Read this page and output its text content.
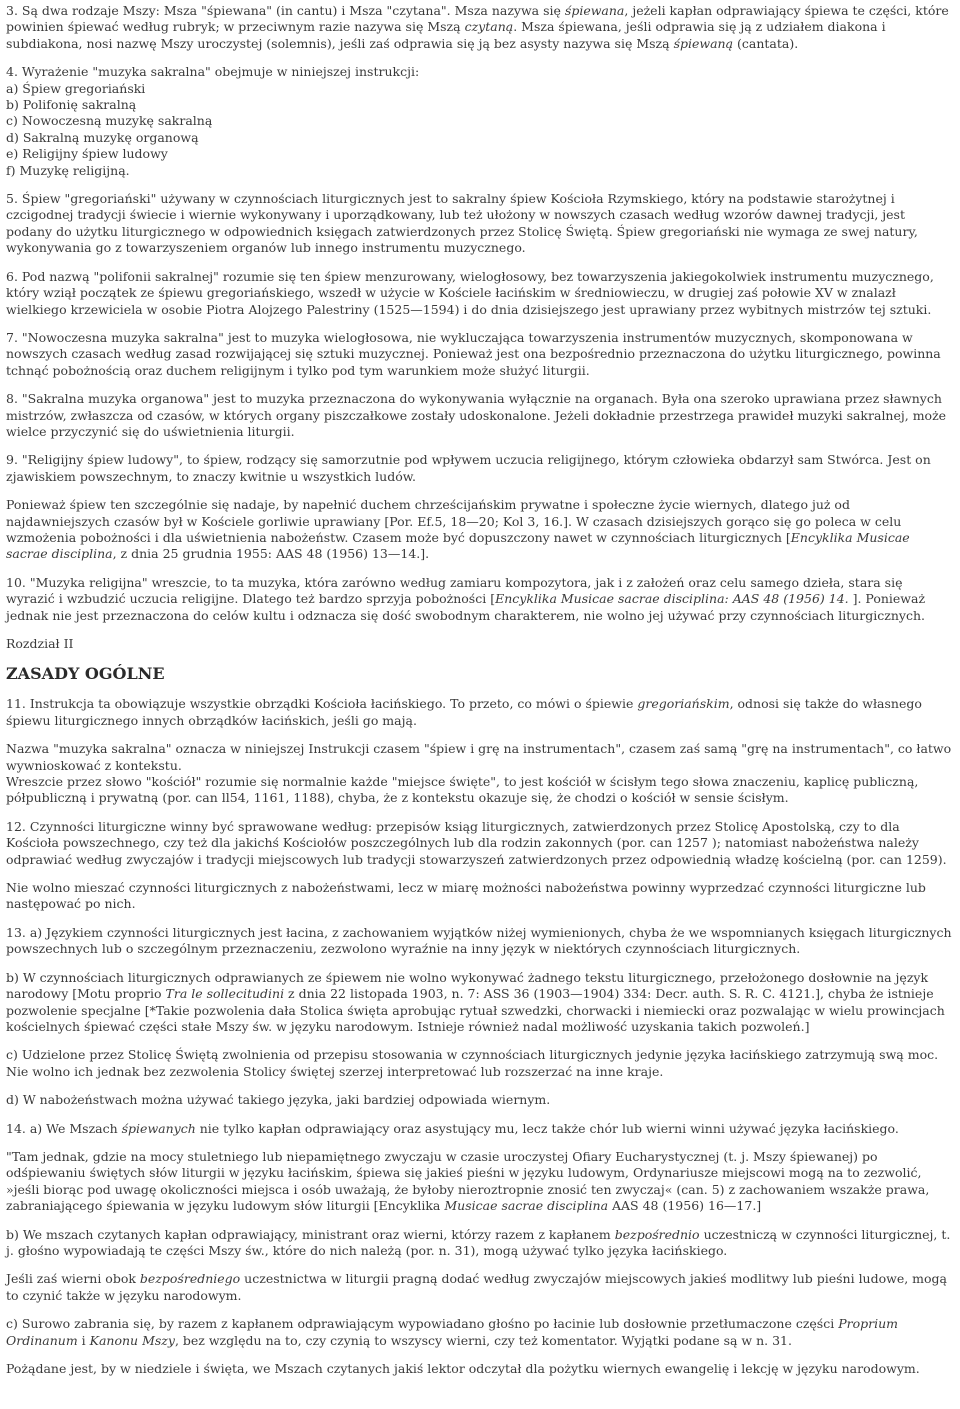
3. Są dwa rodzaje Mszy: Msza "śpiewana" (in cantu) i Msza "czytana". Msza nazywa się śpiewana, jeżeli kapłan odprawiający śpiewa te części, które powinien śpiewać według rubryk; w przeciwnym razie nazywa się Mszą czytaną. Msza śpiewana, jeśli odprawia się ją z udziałem diakona i subdiakona, nosi nazwę Mszy uroczystej (solemnis), jeśli zaś odprawia się ją bez asysty nazywa się Mszą śpiewaną (cantata).

4. Wyrażenie "muzyka sakralna" obejmuje w niniejszej instrukcji:
a) Śpiew gregoriański
b) Polifonię sakralną
c) Nowoczesną muzykę sakralną
d) Sakralną muzykę organową
e) Religijny śpiew ludowy
f) Muzykę religijną.

5. Śpiew "gregoriański" używany w czynnościach liturgicznych jest to sakralny śpiew Kościoła Rzymskiego, który na podstawie starożytnej i czcigodnej tradycji świecie i wiernie wykonywany i uporządkowany, lub też ułożony w nowszych czasach według wzorów dawnej tradycji, jest podany do użytku liturgicznego w odpowiednich księgach zatwierdzonych przez Stolicę Świętą. Śpiew gregoriański nie wymaga ze swej natury, wykonywania go z towarzyszeniem organów lub innego instrumentu muzycznego.

6. Pod nazwą "polifonii sakralnej" rozumie się ten śpiew menzurowany, wielogłosowy, bez towarzyszenia jakiegokolwiek instrumentu muzycznego, który wziął początek ze śpiewu gregoriańskiego, wszedł w użycie w Kościele łacińskim w średniowieczu, w drugiej zaś połowie XV w znalazł wielkiego krzewiciela w osobie Piotra Alojzego Palestriny (1525—1594) i do dnia dzisiejszego jest uprawiany przez wybitnych mistrzów tej sztuki.

7. "Nowoczesna muzyka sakralna" jest to muzyka wielogłosowa, nie wykluczająca towarzyszenia instrumentów muzycznych, skomponowana w nowszych czasach według zasad rozwijającej się sztuki muzycznej. Ponieważ jest ona bezpośrednio przeznaczona do użytku liturgicznego, powinna tchnąć pobożnością oraz duchem religijnym i tylko pod tym warunkiem może służyć liturgii.

8. "Sakralna muzyka organowa" jest to muzyka przeznaczona do wykonywania wyłącznie na organach. Była ona szeroko uprawiana przez sławnych mistrzów, zwłaszcza od czasów, w których organy piszczałkowe zostały udoskonalone. Jeżeli dokładnie przestrzega prawideł muzyki sakralnej, może wielce przyczynić się do uświetnienia liturgii.

9. "Religijny śpiew ludowy", to śpiew, rodzący się samorzutnie pod wpływem uczucia religijnego, którym człowieka obdarzył sam Stwórca. Jest on zjawiskiem powszechnym, to znaczy kwitnie u wszystkich ludów.

Ponieważ śpiew ten szczególnie się nadaje, by napełnić duchem chrześcijańskim prywatne i społeczne życie wiernych, dlatego już od najdawniejszych czasów był w Kościele gorliwie uprawiany [Por. Ef.5, 18—20; Kol 3, 16.]. W czasach dzisiejszych gorąco się go poleca w celu wzmożenia pobożności i dla uświetnienia nabożeństw. Czasem może być dopuszczony nawet w czynnościach liturgicznych [Encyklika Musicae sacrae disciplina, z dnia 25 grudnia 1955: AAS 48 (1956) 13—14.].

10. "Muzyka religijna" wreszcie, to ta muzyka, która zarówno według zamiaru kompozytora, jak i z założeń oraz celu samego dzieła, stara się wyrazić i wzbudzić uczucia religijne. Dlatego też bardzo sprzyja pobożności [Encyklika Musicae sacrae disciplina: AAS 48 (1956) 14. ]. Ponieważ jednak nie jest przeznaczona do celów kultu i odznacza się dość swobodnym charakterem, nie wolno jej używać przy czynnościach liturgicznych.

Rozdział II
ZASADY OGÓLNE

11. Instrukcja ta obowiązuje wszystkie obrządki Kościoła łacińskiego. To przeto, co mówi o śpiewie gregoriańskim, odnosi się także do własnego śpiewu liturgicznego innych obrządków łacińskich, jeśli go mają.

Nazwa "muzyka sakralna" oznacza w niniejszej Instrukcji czasem "śpiew i grę na instrumentach", czasem zaś samą "grę na instrumentach", co łatwo wywnioskować z kontekstu.

Wreszcie przez słowo "kościół" rozumie się normalnie każde "miejsce święte", to jest kościół w ścisłym tego słowa znaczeniu, kaplicę publiczną, półpubliczną i prywatną (por. can ll54, 1161, 1188), chyba, że z kontekstu okazuje się, że chodzi o kościół w sensie ścisłym.

12. Czynności liturgiczne winny być sprawowane według: przepisów ksiąg liturgicznych, zatwierdzonych przez Stolicę Apostolską, czy to dla Kościoła powszechnego, czy też dla jakichś Kościołów poszczególnych lub dla rodzin zakonnych (por. can 1257 ); natomiast nabożeństwa należy odprawiać według zwyczajów i tradycji miejscowych lub tradycji stowarzyszeń zatwierdzonych przez odpowiednią władzę kościelną (por. can 1259).

Nie wolno mieszać czynności liturgicznych z nabożeństwami, lecz w miarę możności nabożeństwa powinny wyprzedzać czynności liturgiczne lub następować po nich.

13. a) Językiem czynności liturgicznych jest łacina, z zachowaniem wyjątków niżej wymienionych, chyba że we wspomnianych księgach liturgicznych powszechnych lub o szczególnym przeznaczeniu, zezwolono wyraźnie na inny język w niektórych czynnościach liturgicznych.

b) W czynnościach liturgicznych odprawianych ze śpiewem nie wolno wykonywać żadnego tekstu liturgicznego, przełożonego dosłownie na język narodowy [Motu proprio Tra le sollecitudini z dnia 22 listopada 1903, n. 7: ASS 36 (1903—1904) 334: Decr. auth. S. R. C. 4121.], chyba że istnieje pozwolenie specjalne [*Takie pozwolenia dała Stolica święta aprobując rytuał szwedzki, chorwacki i niemiecki oraz pozwalając w wielu prowincjach kościelnych śpiewać części stałe Mszy św. w języku narodowym. Istnieje również nadal możliwość uzyskania takich pozwoleń.]

c) Udzielone przez Stolicę Świętą zwolnienia od przepisu stosowania w czynnościach liturgicznych jedynie języka łacińskiego zatrzymują swą moc. Nie wolno ich jednak bez zezwolenia Stolicy świętej szerzej interpretować lub rozszerzać na inne kraje.

d) W nabożeństwach można używać takiego języka, jaki bardziej odpowiada wiernym.

14. a) We Mszach śpiewanych nie tylko kapłan odprawiający oraz asystujący mu, lecz także chór lub wierni winni używać języka łacińskiego.

"Tam jednak, gdzie na mocy stuletniego lub niepamiętnego zwyczaju w czasie uroczystej Ofiary Eucharystycznej (t. j. Mszy śpiewanej) po odśpiewaniu świętych słów liturgii w języku łacińskim, śpiewa się jakieś pieśni w języku ludowym, Ordynariusze miejscowi mogą na to zezwolić, »jeśli biorąc pod uwagę okoliczności miejsca i osób uważają, że byłoby nieroztropnie znosić ten zwyczaj« (can. 5) z zachowaniem wszakże prawa, zabraniającego śpiewania w języku ludowym słów liturgii [Encyklika Musicae sacrae disciplina AAS 48 (1956) 16—17.]

b) We mszach czytanych kapłan odprawiający, ministrant oraz wierni, którzy razem z kapłanem bezpośrednio uczestniczą w czynności liturgicznej, t. j. głośno wypowiadają te części Mszy św., które do nich należą (por. n. 31), mogą używać tylko języka łacińskiego.

Jeśli zaś wierni obok bezpośredniego uczestnictwa w liturgii pragną dodać według zwyczajów miejscowych jakieś modlitwy lub pieśni ludowe, mogą to czynić także w języku narodowym.

c) Surowo zabrania się, by razem z kapłanem odprawiającym wypowiadano głośno po łacinie lub dosłownie przetłumaczone części Proprium Ordinanum i Kanonu Mszy, bez względu na to, czy czynią to wszyscy wierni, czy też komentator. Wyjątki podane są w n. 31.

Pożądane jest, by w niedziele i święta, we Mszach czytanych jakiś lektor odczytał dla pożytku wiernych ewangelię i lekcję w języku narodowym.
